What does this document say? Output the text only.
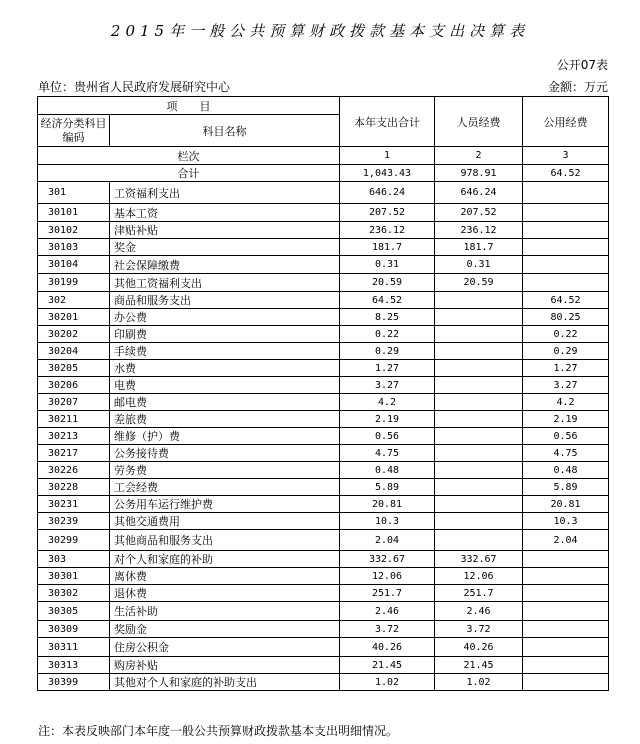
2015年一般公共预算财政拨款基本支出决算表
公开07表
单位：贵州省人民政府发展研究中心	金额：万元
项　　目		本年支出合计	人员经费	公用经费
经济分类科目编码	科目名称			
栏次		1	2	3
合计		1,043.43	978.91	64.52
301	工资福利支出	646.24	646.24	
30101	基本工资	207.52	207.52	
30102	津贴补贴	236.12	236.12	
30103	奖金	181.7	181.7	
30104	社会保障缴费	0.31	0.31	
30199	其他工资福利支出	20.59	20.59	
302	商品和服务支出	64.52		64.52
30201	办公费	8.25		80.25
30202	印刷费	0.22		0.22
30204	手续费	0.29		0.29
30205	水费	1.27		1.27
30206	电费	3.27		3.27
30207	邮电费	4.2		4.2
30211	差旅费	2.19		2.19
30213	维修（护）费	0.56		0.56
30217	公务接待费	4.75		4.75
30226	劳务费	0.48		0.48
30228	工会经费	5.89		5.89
30231	公务用车运行维护费	20.81		20.81
30239	其他交通费用	10.3		10.3
30299	其他商品和服务支出	2.04		2.04
303	对个人和家庭的补助	332.67	332.67	
30301	离休费	12.06	12.06	
30302	退休费	251.7	251.7	
30305	生活补助	2.46	2.46	
30309	奖励金	3.72	3.72	
30311	住房公积金	40.26	40.26	
30313	购房补贴	21.45	21.45	
30399	其他对个人和家庭的补助支出	1.02	1.02	
注：本表反映部门本年度一般公共预算财政拨款基本支出明细情况。
